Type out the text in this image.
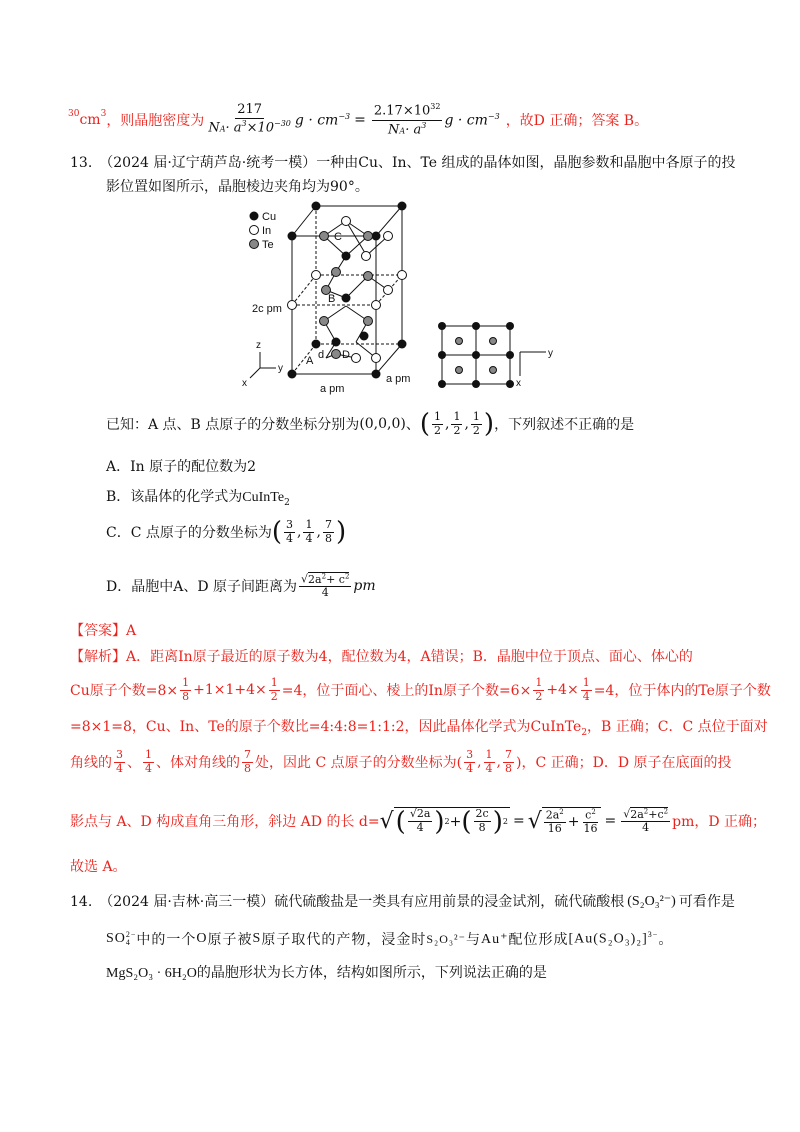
30 cm 3 ，则晶胞密度为 $\frac{217}{NA\cdot a^3\times 10^{-30}}$ $g \cdot cm^{-3} = \frac{2.17\times 10^{32}}{NA\cdot a^3}$ $g \cdot cm^{-3}$ ，故D 正确；答案 B。
13.　（2024 届·辽宁葫芦岛·统考一模）一种由Cu、In、Te 组成的晶体如图，晶胞参数和晶胞中各原子的投
影位置如图所示，晶胞棱边夹角均为90°。
Cu
In
Te
C
B
A	D
d
2c pm
a pm
a pm
z
y
x
y
x
已知：A 点、B 点原子的分数坐标分别为 (0,0,0) 、 ( $\frac{1}{2}$ , $\frac{1}{2}$ , $\frac{1}{2}$ ) ，下列叙述不正确的是
A．In 原子的配位数为2
B．该晶体的化学式为CuInTe$_2$
C．C 点原子的分数坐标为 ( $\frac{3}{4}$ , $\frac{1}{4}$ , $\frac{7}{8}$ )
D．晶胞中A、D 原子间距离为 $\frac{√2a^2+ c^2}{4}$ pm
【答案】A
【解析】A．距离In原子最近的原子数为4，配位数为4，A错误；B．晶胞中位于顶点、面心、体心的
Cu原子个数$=8\times \frac{1}{8} +1\times 1+4\times \frac{1}{2} =4$，位于面心、棱上的In原子个数$=6\times \frac{1}{2} +4\times \frac{1}{4} =4$，位于体内的Te原子个数
=8×1=8，Cu、In、Te的原子个数比=4:4:8=1:1:2，因此晶体化学式为CuInTe$_2$，B 正确；C．C 点位于面对
角线的 $\frac{3}{4}$ 、 $\frac{1}{4}$ 、体对角线的 $\frac{7}{8}$ 处，因此 C 点原子的分数坐标为( $\frac{3}{4}$ , $\frac{1}{4}$ , $\frac{7}{8}$ )，C 正确；D．D 原子在底面的投
影点与 A、D 构成直角三角形，斜边 AD 的长 d= √ ( $\frac{√2a}{4}$ ) 2 + ( $\frac{2c}{8}$ ) 2 = √ $\frac{2a^2}{16} + \frac{c^2}{16} = \frac{√2a^2+c^2}{4}$ pm，D 正确；
故选 A。
14.　（2024 届·吉林·高三一模）硫代硫酸盐是一类具有应用前景的浸金试剂，硫代硫酸根 (S₂O₃²⁻) 可看作是
SO 2−
4 中的一个 O 原子被 S 原子取代的产物，浸金时 S₂O₃²⁻ 与 Au⁺ 配位形成 $[Au(S_2O_3)_2]^{3-}$ 。
MgS₂O₃ · 6H₂O的晶胞形状为长方体，结构如图所示，下列说法正确的是
